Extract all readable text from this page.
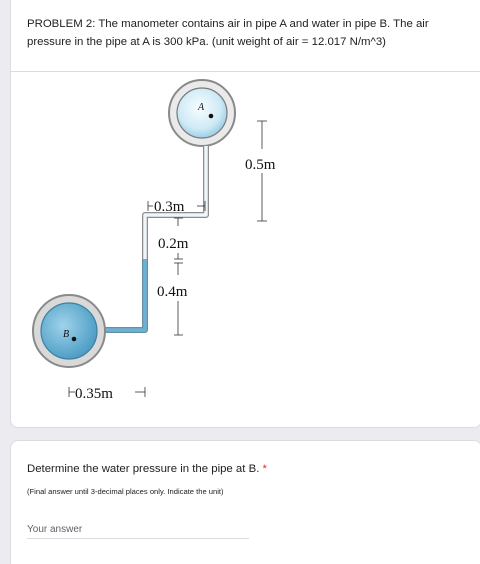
PROBLEM 2: The manometer contains air in pipe A and water in pipe B. The air pressure in the pipe at A is 300 kPa. (unit weight of air = 12.017 N/m^3)
A
B
0.5m
0.3m
0.2m
0.4m
0.35m
Determine the water pressure in the pipe at B. *
(Final answer until 3-decimal places only. Indicate the unit)
Your answer
